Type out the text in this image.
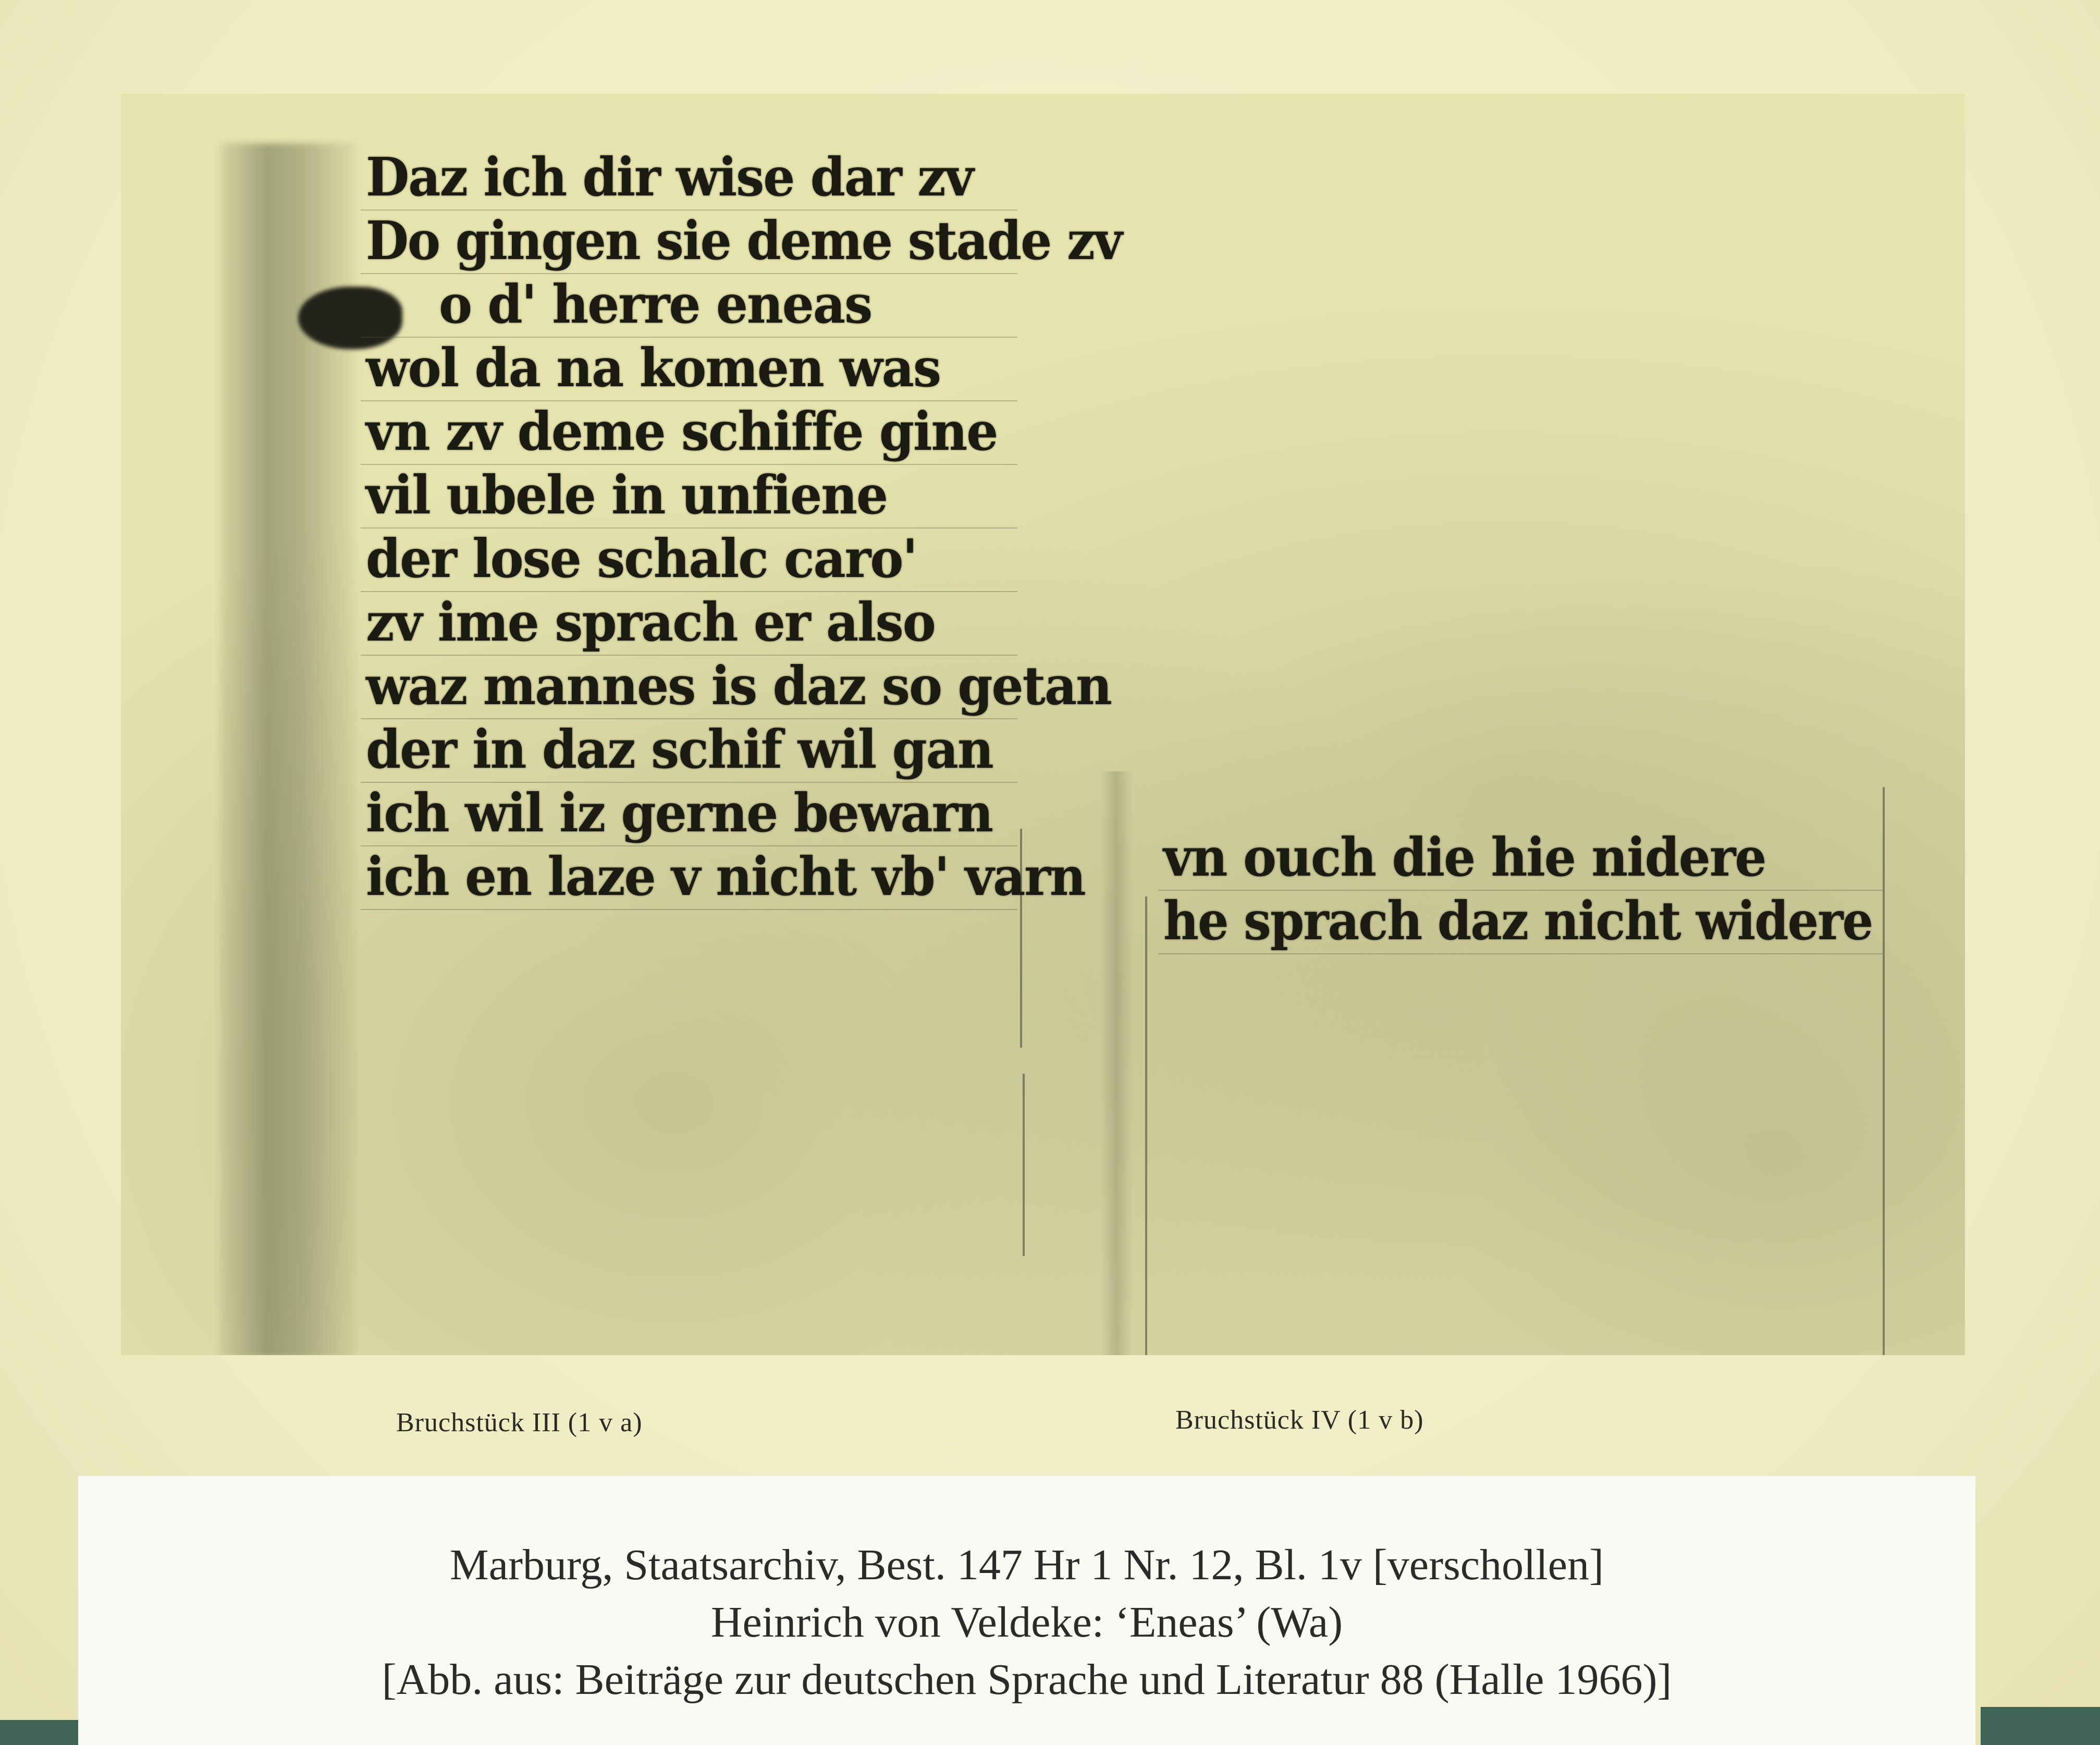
Daz ich dir wise dar zv
Do gingen sie deme stade zv
o d' herre eneas
wol da na komen was
vn zv deme schiffe gine
vil ubele in unfiene
der lose schalc caro'
zv ime sprach er also
waz mannes is daz so getan
der in daz schif wil gan
ich wil iz gerne bewarn
ich en laze v nicht vb' varn vn ouch die hie nidere
he sprach daz nicht widere
Bruchstück III (1 v a)	Bruchstück IV (1 v b)
Marburg, Staatsarchiv, Best. 147 Hr 1 Nr. 12, Bl. 1v [verschollen]
Heinrich von Veldeke: ‘Eneas’ (Wa)
[Abb. aus: Beiträge zur deutschen Sprache und Literatur 88 (Halle 1966)]
